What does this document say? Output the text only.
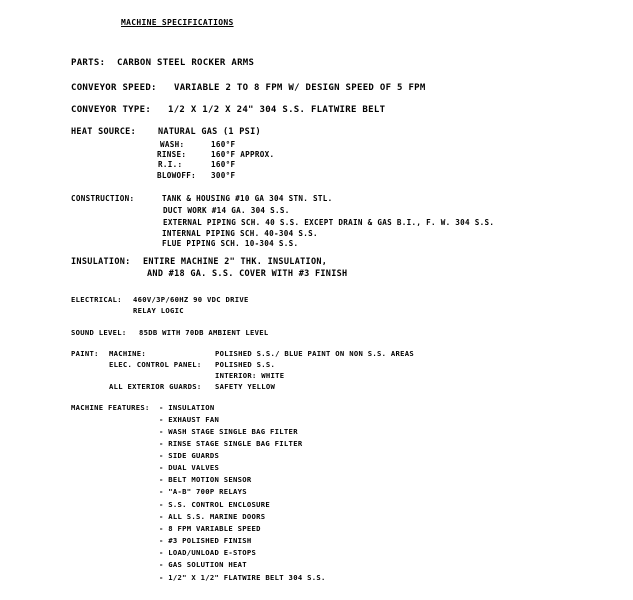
MACHINE SPECIFICATIONS
PARTS: CARBON STEEL ROCKER ARMS
CONVEYOR SPEED: VARIABLE 2 TO 8 FPM W/ DESIGN SPEED OF 5 FPM
CONVEYOR TYPE: 1/2 X 1/2 X 24" 304 S.S. FLATWIRE BELT
HEAT SOURCE:	NATURAL GAS (1 PSI)
WASH:	160°F
RINSE:	160°F APPROX.
R.I.:	160°F
BLOWOFF: 300°F
CONSTRUCTION:	TANK & HOUSING #10 GA 304 STN. STL.
DUCT WORK #14 GA. 304 S.S.
EXTERNAL PIPING SCH. 40 S.S. EXCEPT DRAIN & GAS B.I., F. W. 304 S.S.
INTERNAL PIPING SCH. 40-304 S.S.
FLUE PIPING SCH. 10-304 S.S.
INSULATION: ENTIRE MACHINE 2" THK. INSULATION,
AND #18 GA. S.S. COVER WITH #3 FINISH
ELECTRICAL: 460V/3P/60HZ 90 VDC DRIVE
RELAY LOGIC
SOUND LEVEL: 85DB WITH 70DB AMBIENT LEVEL
PAINT: MACHINE:	POLISHED S.S./ BLUE PAINT ON NON S.S. AREAS
ELEC. CONTROL PANEL: POLISHED S.S.
INTERIOR: WHITE
ALL EXTERIOR GUARDS: SAFETY YELLOW
MACHINE FEATURES: - INSULATION
- EXHAUST FAN
- WASH STAGE SINGLE BAG FILTER
- RINSE STAGE SINGLE BAG FILTER
- SIDE GUARDS
- DUAL VALVES
- BELT MOTION SENSOR
- "A-B" 700P RELAYS
- S.S. CONTROL ENCLOSURE
- ALL S.S. MARINE DOORS
- 8 FPM VARIABLE SPEED
- #3 POLISHED FINISH
- LOAD/UNLOAD E-STOPS
- GAS SOLUTION HEAT
- 1/2" X 1/2" FLATWIRE BELT 304 S.S.
